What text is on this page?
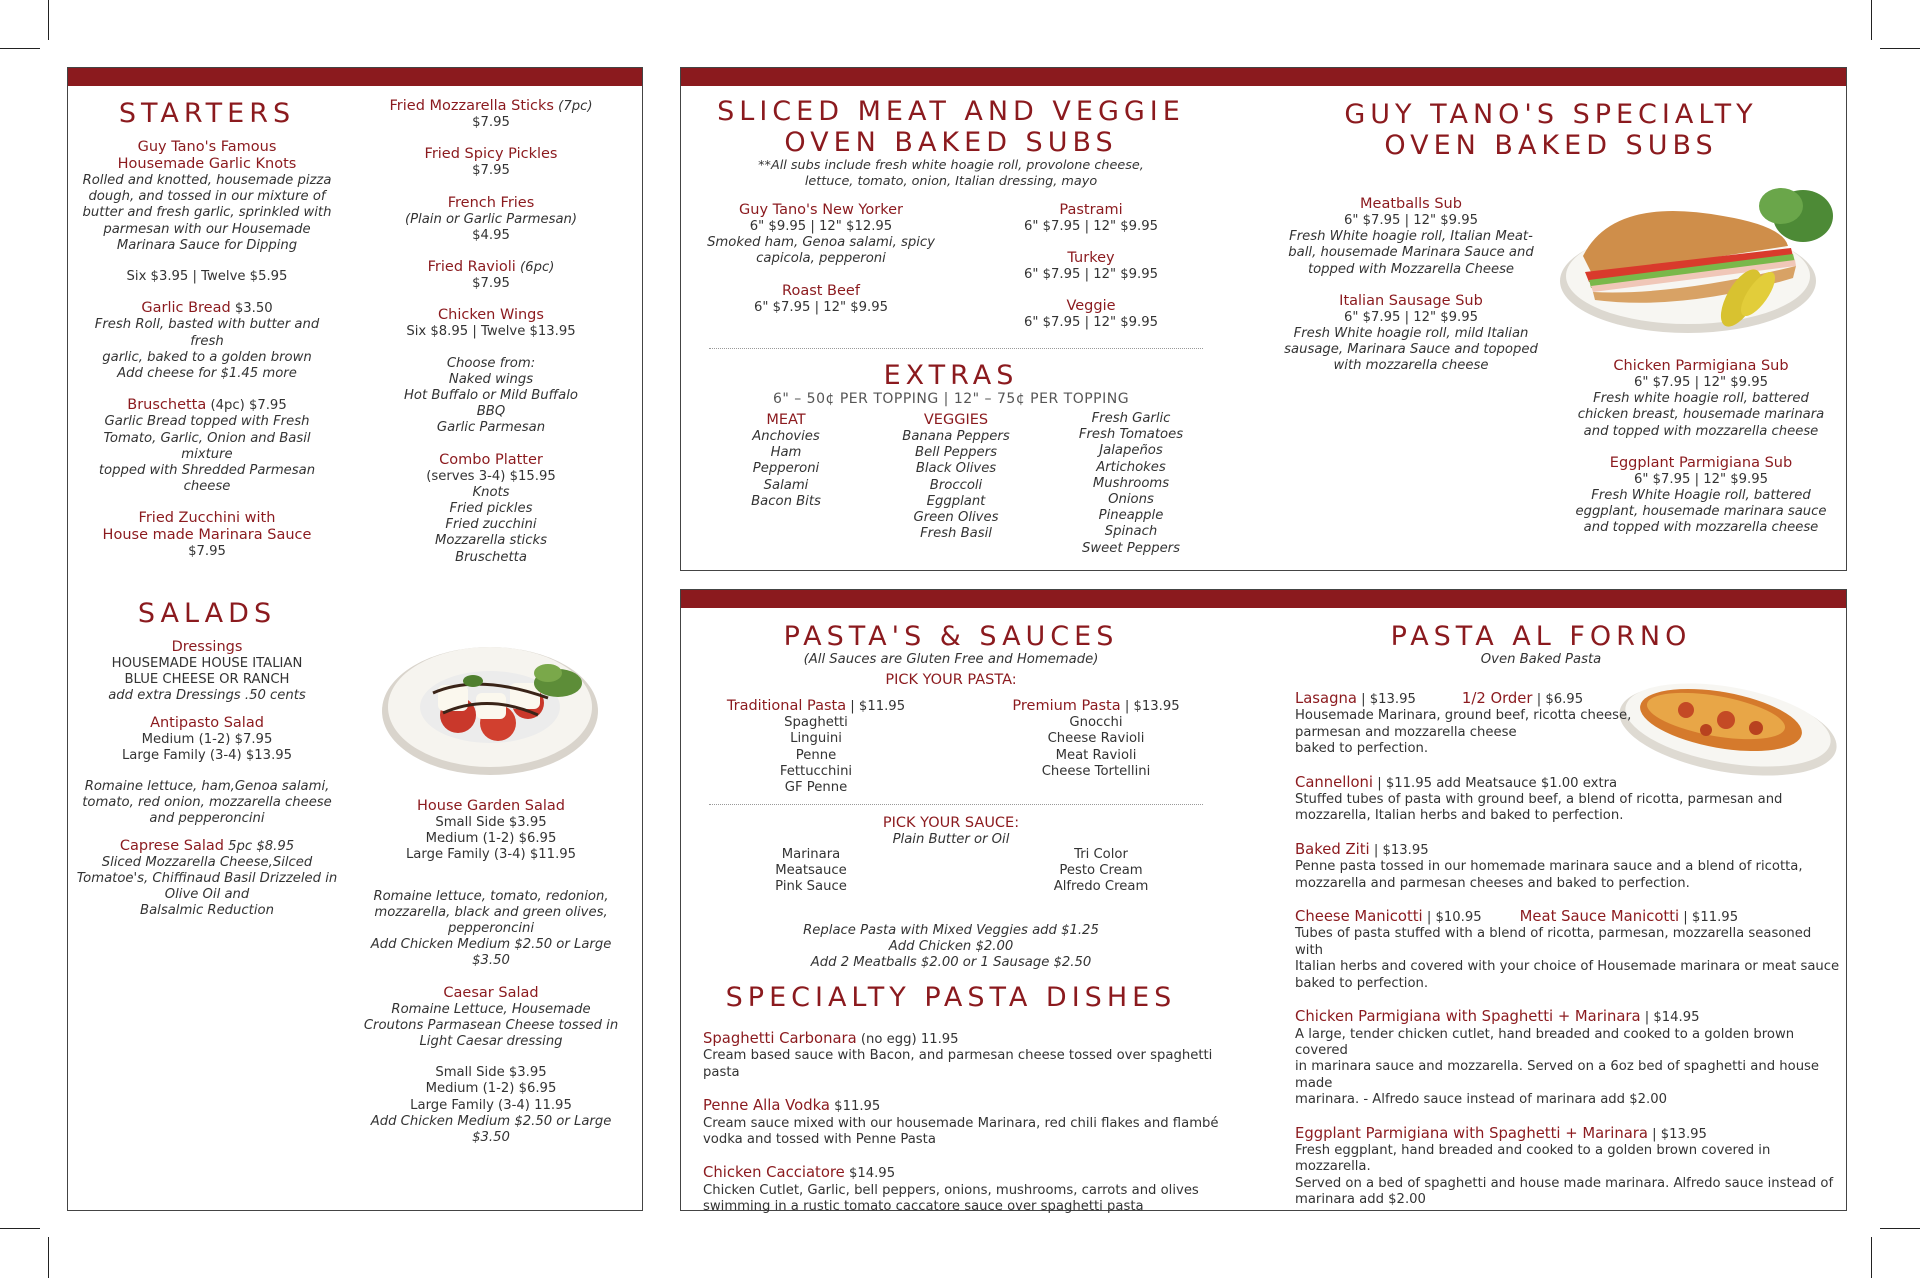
STARTERS
Guy Tano's Famous
Housemade Garlic Knots
Rolled and knotted, housemade pizza
dough, and tossed in our mixture of
butter and fresh garlic, sprinkled with
parmesan with our Housemade
Marinara Sauce for Dipping
Six $3.95 | Twelve $5.95
Garlic Bread $3.50
Fresh Roll, basted with butter and fresh
garlic, baked to a golden brown
Add cheese for $1.45 more
Bruschetta (4pc) $7.95
Garlic Bread topped with Fresh
Tomato, Garlic, Onion and Basil mixture
topped with Shredded Parmesan
cheese
Fried Zucchini with
House made Marinara Sauce
$7.95
Fried Mozzarella Sticks (7pc)
$7.95
Fried Spicy Pickles
$7.95
French Fries
(Plain or Garlic Parmesan)
$4.95
Fried Ravioli (6pc)
$7.95
Chicken Wings
Six $8.95 | Twelve $13.95
Choose from:
Naked wings
Hot Buffalo or Mild Buffalo
BBQ
Garlic Parmesan
Combo Platter
(serves 3-4) $15.95
Knots
Fried pickles
Fried zucchini
Mozzarella sticks
Bruschetta
SALADS
Dressings
HOUSEMADE HOUSE ITALIAN
BLUE CHEESE OR RANCH
add extra Dressings .50 cents
Antipasto Salad
Medium (1-2) $7.95
Large Family (3-4) $13.95
Romaine lettuce, ham,Genoa salami,
tomato, red onion, mozzarella cheese
and pepperoncini
Caprese Salad 5pc $8.95
Sliced Mozzarella Cheese,Silced
Tomatoe's, Chiffinaud Basil Drizzeled in
Olive Oil and
Balsalmic Reduction
House Garden Salad
Small Side $3.95
Medium (1-2) $6.95
Large Family (3-4) $11.95
Romaine lettuce, tomato, redonion,
mozzarella, black and green olives,
pepperoncini
Add Chicken Medium $2.50 or Large
$3.50
Caesar Salad
Romaine Lettuce, Housemade
Croutons Parmasean Cheese tossed in
Light Caesar dressing
Small Side $3.95
Medium (1-2) $6.95
Large Family (3-4) 11.95
Add Chicken Medium $2.50 or Large
$3.50
SLICED MEAT AND VEGGIE
OVEN BAKED SUBS
**All subs include fresh white hoagie roll, provolone cheese,
lettuce, tomato, onion, Italian dressing, mayo
Guy Tano's New Yorker
6" $9.95 | 12" $12.95
Smoked ham, Genoa salami, spicy
capicola, pepperoni
Roast Beef
6" $7.95 | 12" $9.95
Pastrami
6" $7.95 | 12" $9.95
Turkey
6" $7.95 | 12" $9.95
Veggie
6" $7.95 | 12" $9.95
EXTRAS
6" – 50¢ PER TOPPING | 12" – 75¢ PER TOPPING
MEAT
Anchovies
Ham
Pepperoni
Salami
Bacon Bits
VEGGIES
Banana Peppers
Bell Peppers
Black Olives
Broccoli
Eggplant
Green Olives
Fresh Basil
Fresh Garlic
Fresh Tomatoes
Jalapeños
Artichokes
Mushrooms
Onions
Pineapple
Spinach
Sweet Peppers
GUY TANO'S SPECIALTY
OVEN BAKED SUBS
Meatballs Sub
6" $7.95 | 12" $9.95
Fresh White hoagie roll, Italian Meat-
ball, housemade Marinara Sauce and
topped with Mozzarella Cheese
Italian Sausage Sub
6" $7.95 | 12" $9.95
Fresh White hoagie roll, mild Italian
sausage, Marinara Sauce and topoped
with mozzarella cheese	Chicken Parmigiana Sub
6" $7.95 | 12" $9.95
Fresh white hoagie roll, battered
chicken breast, housemade marinara
and topped with mozzarella cheese
Eggplant Parmigiana Sub
6" $7.95 | 12" $9.95
Fresh White Hoagie roll, battered
eggplant, housemade marinara sauce
and topped with mozzarella cheese
PASTA'S & SAUCES
(All Sauces are Gluten Free and Homemade)
PICK YOUR PASTA:
Traditional Pasta | $11.95
Spaghetti
Linguini
Penne
Fettucchini
GF Penne
Premium Pasta | $13.95
Gnocchi
Cheese Ravioli
Meat Ravioli
Cheese Tortellini
PICK YOUR SAUCE:
Plain Butter or Oil
Marinara
Meatsauce
Pink Sauce
Tri Color
Pesto Cream
Alfredo Cream
Replace Pasta with Mixed Veggies add $1.25
Add Chicken $2.00
Add 2 Meatballs $2.00 or 1 Sausage $2.50
SPECIALTY PASTA DISHES
Spaghetti Carbonara (no egg) 11.95
Cream based sauce with Bacon, and parmesan cheese tossed over spaghetti pasta
Penne Alla Vodka $11.95
Cream sauce mixed with our housemade Marinara, red chili flakes and flambé
vodka and tossed with Penne Pasta
Chicken Cacciatore $14.95
Chicken Cutlet, Garlic, bell peppers, onions, mushrooms, carrots and olives
swimming in a rustic tomato caccatore sauce over spaghetti pasta
PASTA AL FORNO
Oven Baked Pasta
Lasagna | $13.95	1/2 Order | $6.95
Housemade Marinara, ground beef, ricotta cheese,
parmesan and mozzarella cheese
baked to perfection.
Cannelloni | $11.95 add Meatsauce $1.00 extra
Stuffed tubes of pasta with ground beef, a blend of ricotta, parmesan and
mozzarella, Italian herbs and baked to perfection.
Baked Ziti | $13.95
Penne pasta tossed in our homemade marinara sauce and a blend of ricotta,
mozzarella and parmesan cheeses and baked to perfection.
Cheese Manicotti | $10.95	Meat Sauce Manicotti | $11.95
Tubes of pasta stuffed with a blend of ricotta, parmesan, mozzarella seasoned with
Italian herbs and covered with your choice of Housemade marinara or meat sauce
baked to perfection.
Chicken Parmigiana with Spaghetti + Marinara | $14.95
A large, tender chicken cutlet, hand breaded and cooked to a golden brown covered
in marinara sauce and mozzarella. Served on a 6oz bed of spaghetti and house made
marinara. - Alfredo sauce instead of marinara add $2.00
Eggplant Parmigiana with Spaghetti + Marinara | $13.95
Fresh eggplant, hand breaded and cooked to a golden brown covered in mozzarella.
Served on a bed of spaghetti and house made marinara. Alfredo sauce instead of
marinara add $2.00
